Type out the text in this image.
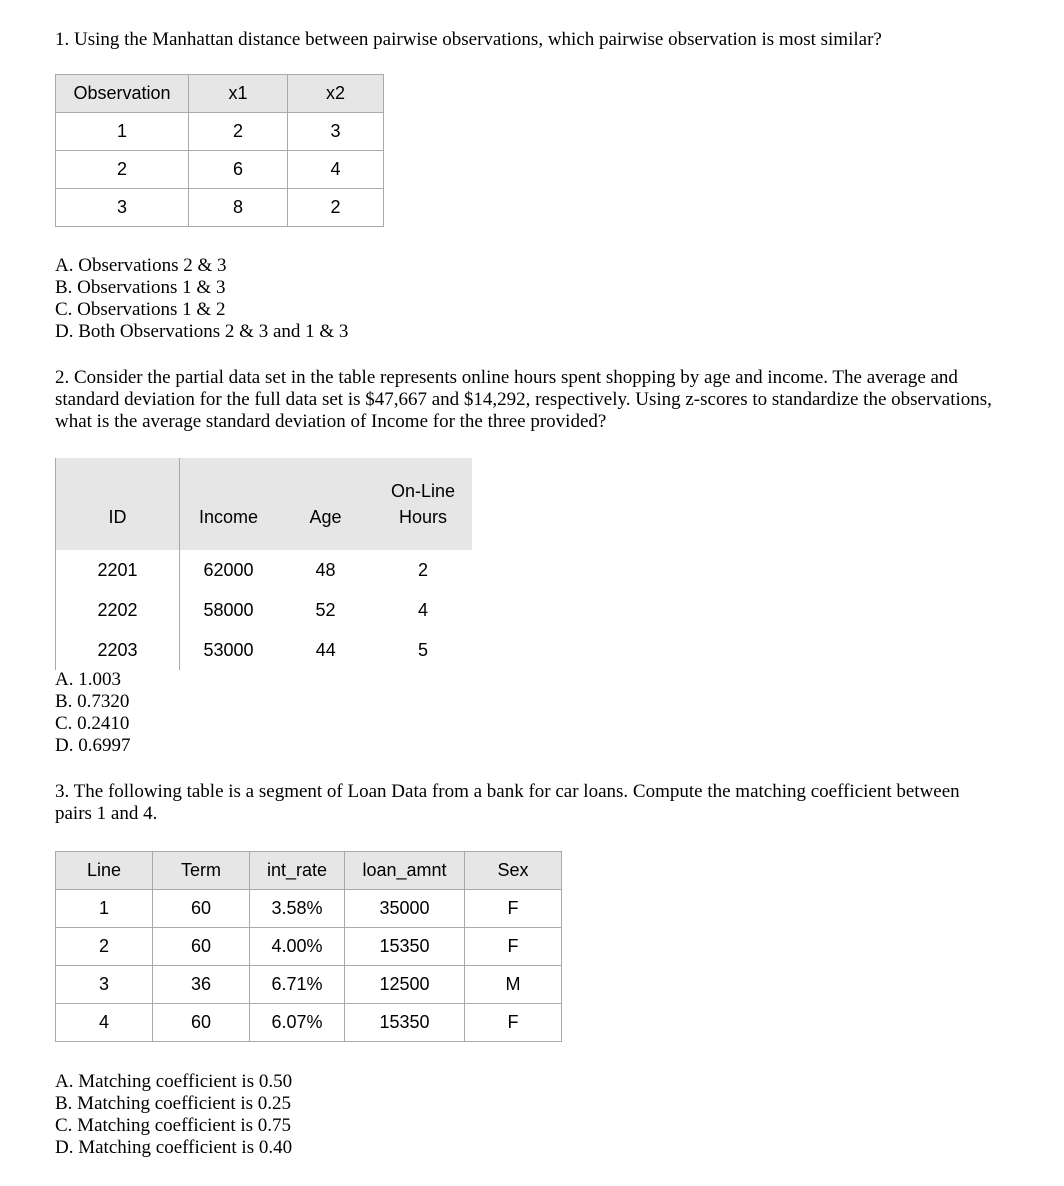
1. Using the Manhattan distance between pairwise observations, which pairwise observation is most similar?

Observation	x1	x2
1	2	3
2	6	4
3	8	2
A. Observations 2 & 3
B. Observations 1 & 3
C. Observations 1 & 2
D. Both Observations 2 & 3 and 1 & 3

2. Consider the partial data set in the table represents online hours spent shopping by age and income. The average and standard deviation for the full data set is $47,667 and $14,292, respectively. Using z-scores to standardize the observations, what is the average standard deviation of Income for the three provided?

ID	Income	Age	On-Line
Hours

2201	62000	48	2
2202	58000	52	4
2203	53000	44	5
A. 1.003
B. 0.7320
C. 0.2410
D. 0.6997

3. The following table is a segment of Loan Data from a bank for car loans. Compute the matching coefficient between pairs 1 and 4.

Line	Term	int_rate	loan_amnt	Sex
1	60	3.58%	35000	F
2	60	4.00%	15350	F
3	36	6.71%	12500	M
4	60	6.07%	15350	F
A. Matching coefficient is 0.50
B. Matching coefficient is 0.25
C. Matching coefficient is 0.75
D. Matching coefficient is 0.40
